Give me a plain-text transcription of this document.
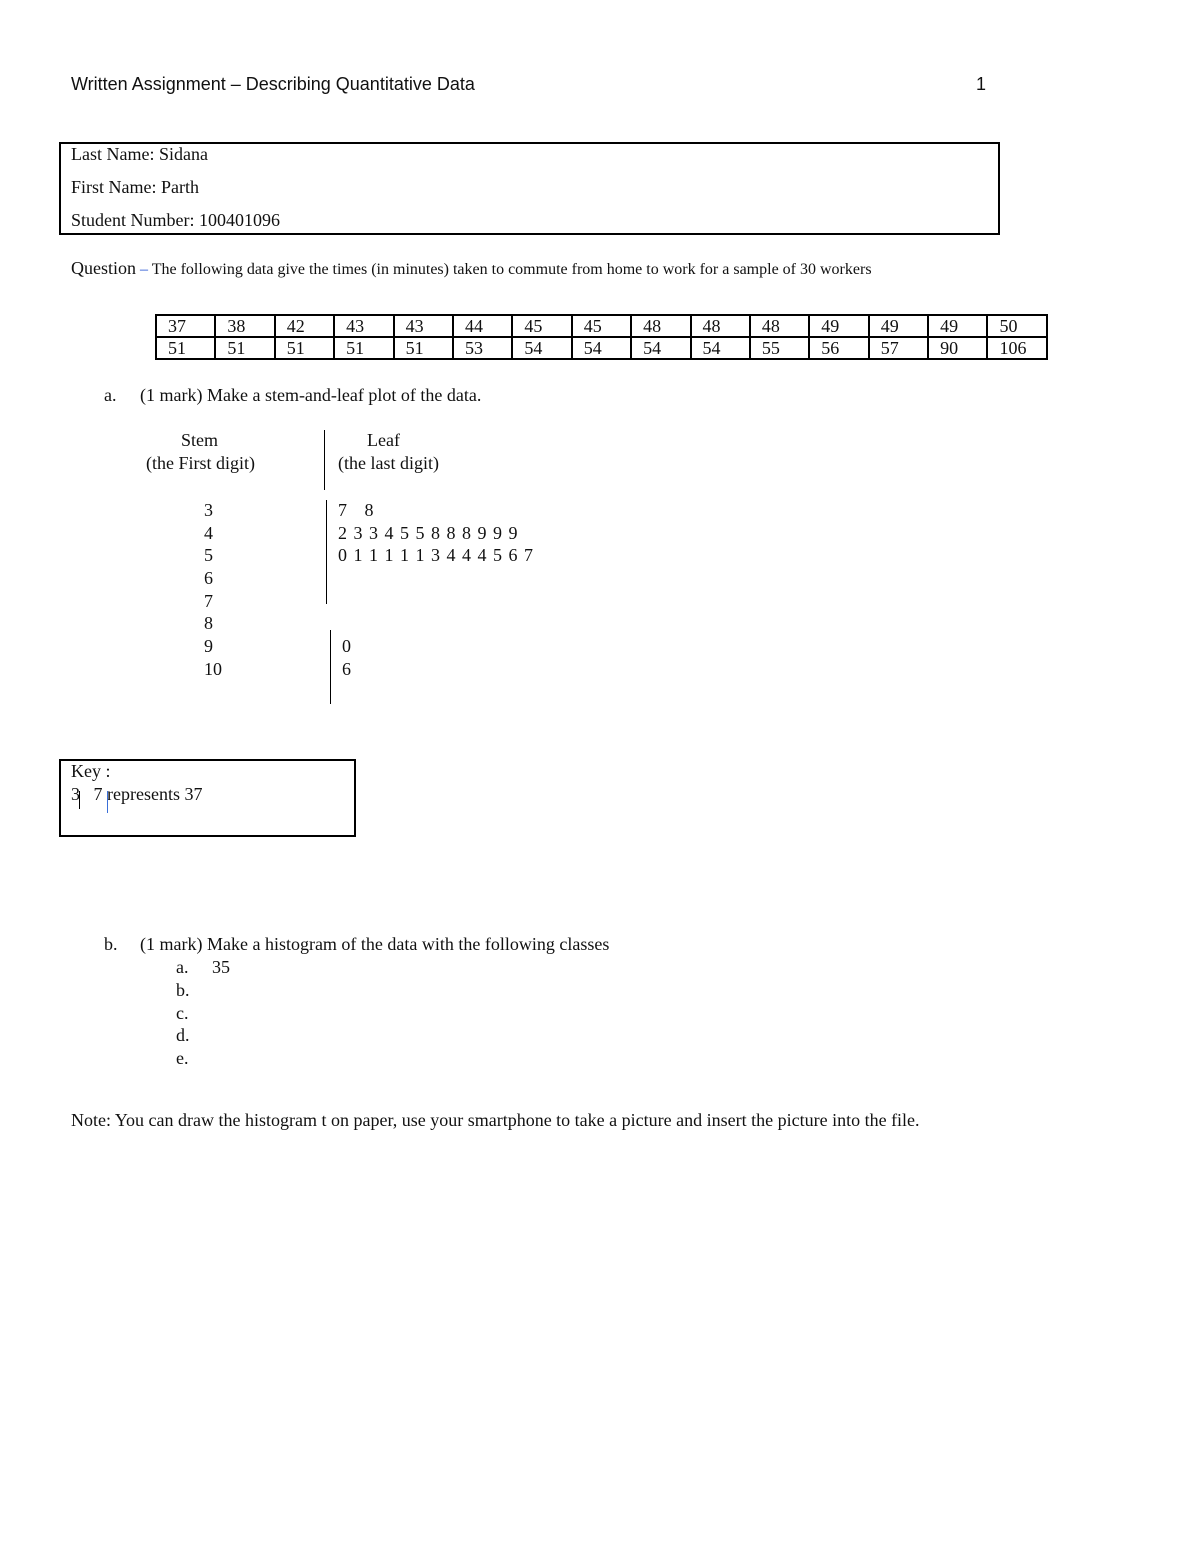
Written Assignment – Describing Quantitative Data	1
Last Name: Sidana
First Name: Parth
Student Number: 100401096
Question – The following data give the times (in minutes) taken to commute from home to work for a sample of 30 workers
37	38	42	43	43	44	45	45	48	48	48	49	49	49	50
51	51	51	51	51	53	54	54	54	54	55	56	57	90	106
a. (1 mark) Make a stem-and-leaf plot of the data.
Stem
(the First digit)
Leaf
(the last digit)
3	7   8
4	2 3 3 4 5 5 8 8 8 9 9 9
5	0 1 1 1 1 1 3 4 4 4 5 6 7
6
7
8
9	0
10	6
Key :
3 7 represents 37
b. (1 mark) Make a histogram of the data with the following classes
a. 35
b.
c.
d.
e.
Note: You can draw the histogram t on paper, use your smartphone to take a picture and insert the picture into the file.
